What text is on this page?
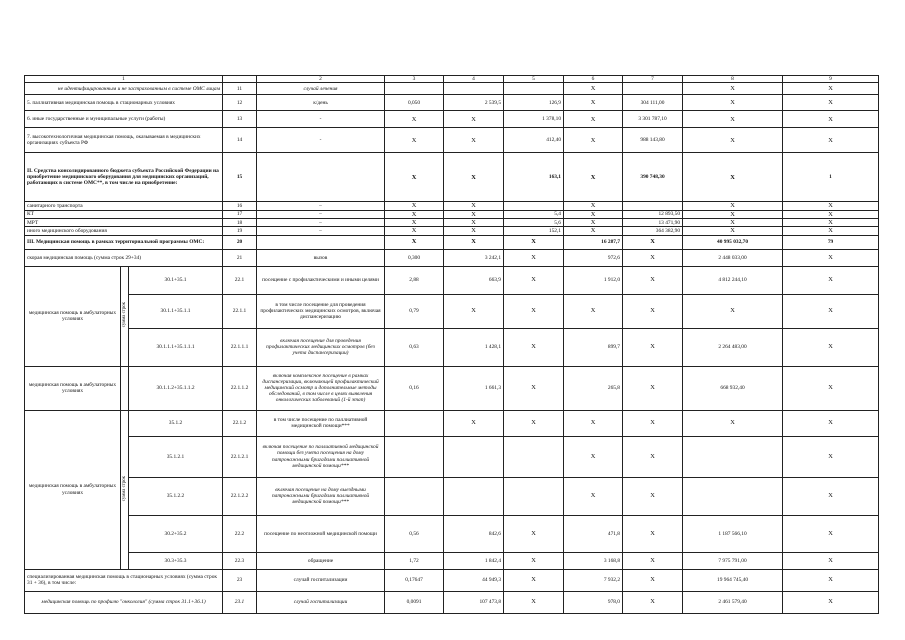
1				2	3	4	5	6	7	8	9
не идентифицированным и не застрахованным в системе ОМС лицам			11	случай лечения				Х		Х	Х
5. паллиативная медицинская помощь в стационарных условиях			12	к/день	0,050	2 539,5	126,9	Х	304 111,00	Х	Х
6. иные государственные и муниципальные услуги (работы)			13	-	Х	Х	1 378,10	Х	3 301 787,10	Х	Х
7. высокотехнологичная медицинская помощь, оказываемая в медицинских организациях субъекта РФ			14	-	Х	Х	412,40	Х	988 143,80	Х	Х
II. Средства консолидированного бюджета субъекта Российской Федерации на приобретение медицинского оборудования для медицинских организаций, работающих в системе ОМС**, в том числе на приобретение:			15		Х	Х	163,1	Х	390 748,30	Х	1
санитарного транспорта			16	–	Х	Х		Х		Х	Х
КТ			17	–	Х	Х	5,4	Х	12 893,50	Х	Х
МРТ			18	–	Х	Х	5,6	Х	13 471,90	Х	Х
иного медицинского оборудования			19	–	Х	Х	152,1	Х	364 382,90	Х	Х
III. Медицинская помощь в рамках территориальной программы ОМС:			20		Х	Х	Х	16 287,7	Х	40 995 032,70	79
скорая медицинская помощь (сумма строк 29+34)			21	вызов	0,300	3 242,1	Х	972,6	Х	2 448 033,00	Х
медицинская помощь в амбулаторных условиях	сумма строк	30.1+35.1	22.1	посещение с профилактическими и иными целями	2,88	663,9	Х	1 912,0	Х	4 812 244,10	Х
		30.1.1+35.1.1	22.1.1	в том числе посещение для проведения профилактических медицинских осмотров, включая диспансеризацию	0,79	Х	Х	Х	Х	Х	Х
		30.1.1.1+35.1.1.1	22.1.1.1	включая посещение для проведения профилактических медицинских осмотров (без учета диспансеризации)	0,63	1 428,1	Х	899,7	Х	2 264 483,00	Х
медицинская помощь в амбулаторных условиях		30.1.1.2+35.1.1.2	22.1.1.2	включая комплексное посещение в рамках диспансеризации, включающей профилактический медицинский осмотр и дополнительные методы обследований, в том числе в целях выявления онкологических заболеваний (1-й этап)	0,16	1 661,3	Х	265,8	Х	668 932,40	Х
медицинская помощь в амбулаторных условиях	сумма строк	35.1.2	22.1.2	в том числе посещение по паллиативной медицинской помощи***		Х	Х	Х	Х	Х	Х
		35.1.2.1	22.1.2.1	включая посещение по паллиативной медицинской помощи без учета посещения на дому патронажными бригадами паллиативной медицинской помощи***				Х	Х		Х
		35.1.2.2	22.1.2.2	включая посещение на дому выездными патронажными бригадами паллиативной медицинской помощи***				Х	Х		Х
		30.2+35.2	22.2	посещение по неотложной медицинской помощи	0,56	842,6	Х	471,8	Х	1 187 566,10	Х
		30.3+35.3	22.3	обращение	1,72	1 842,4	Х	3 168,8	Х	7 975 791,00	Х
специализированная медицинская помощь в стационарных условиях (сумма строк 31 + 36), в том числе:			23	случай госпитализации	0,17647	44 949,3	Х	7 932,2	Х	19 964 745,40	Х
медицинская помощь по профилю "онкология" (сумма строк 31.1+36.1)			23.1	случай госпитализации	0,0091	107 473,8	Х	978,0	Х	2 461 579,40	Х
